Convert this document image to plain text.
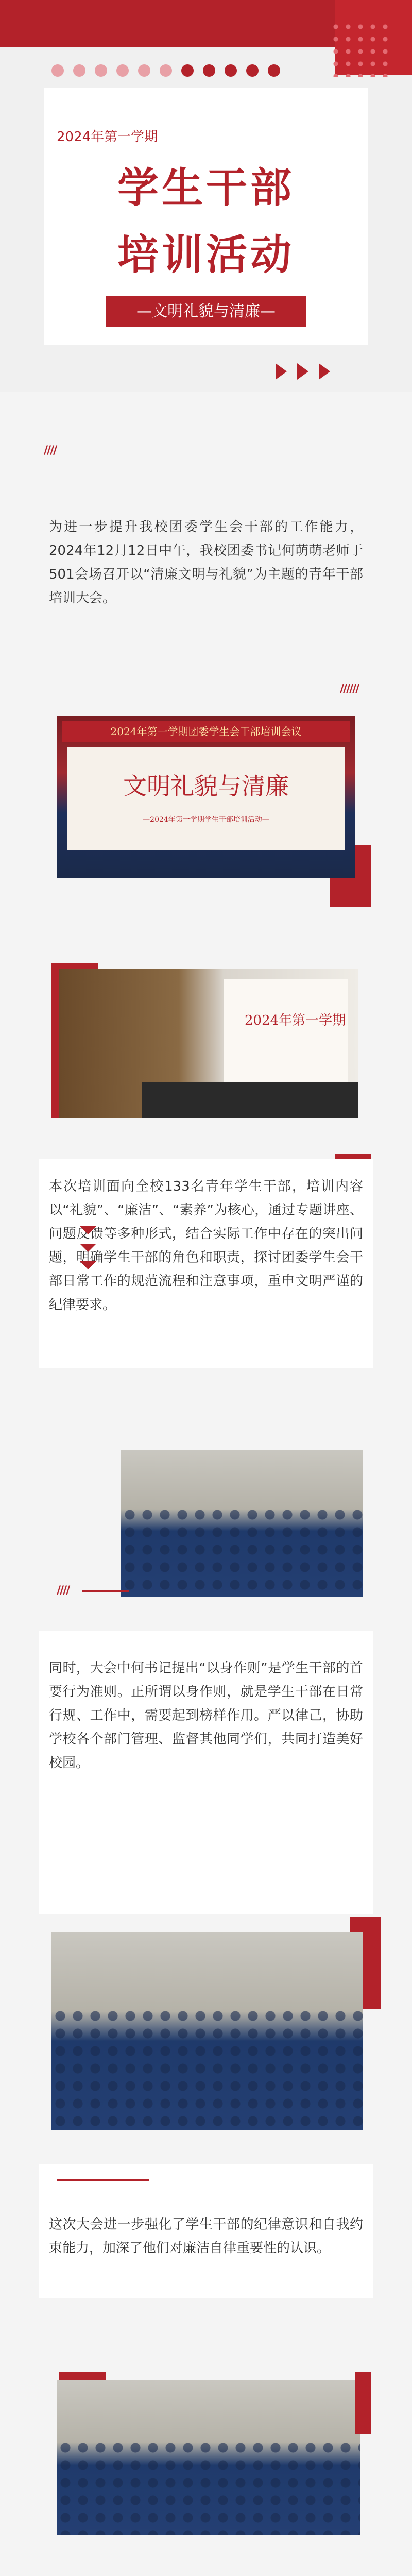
2024年第一学期
学生干部
培训活动
—文明礼貌与清廉—
////

为进一步提升我校团委学生会干部的工作能力，2024年12月12日中午，我校团委书记何萌萌老师于501会场召开以“清廉文明与礼貌”为主题的青年干部培训大会。

//////
2024年第一学期团委学生会干部培训会议
文明礼貌与清廉
—2024年第一学期学生干部培训活动—
2024年第一学期

本次培训面向全校133名青年学生干部，培训内容以“礼貌”、“廉洁”、“素养”为核心，通过专题讲座、问题反馈等多种形式，结合实际工作中存在的突出问题，明确学生干部的角色和职责，探讨团委学生会干部日常工作的规范流程和注意事项，重申文明严谨的纪律要求。

////

同时，大会中何书记提出“以身作则”是学生干部的首要行为准则。正所谓以身作则，就是学生干部在日常行规、工作中，需要起到榜样作用。严以律己，协助学校各个部门管理、监督其他同学们，共同打造美好校园。

这次大会进一步强化了学生干部的纪律意识和自我约束能力，加深了他们对廉洁自律重要性的认识。
